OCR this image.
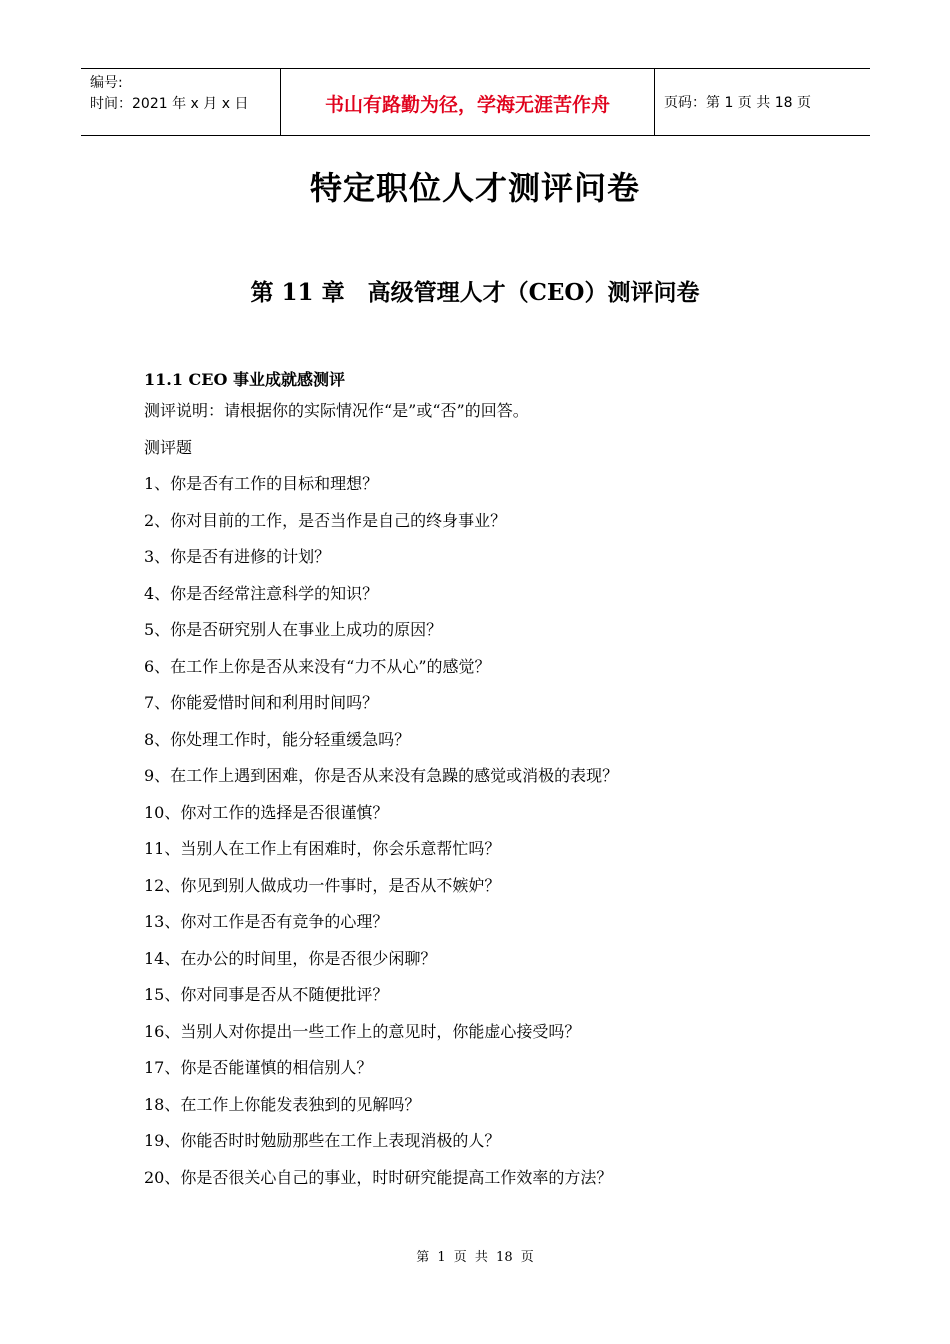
编号:
时间：2021 年 x 月 x 日	书山有路勤为径，学海无涯苦作舟	页码：第 1 页 共 18 页
特定职位人才测评问卷
第 11 章　高级管理人才（CEO）测评问卷

11.1 CEO 事业成就感测评

测评说明：请根据你的实际情况作“是”或“否”的回答。

测评题

1、你是否有工作的目标和理想？

2、你对目前的工作，是否当作是自己的终身事业？

3、你是否有进修的计划？

4、你是否经常注意科学的知识？

5、你是否研究别人在事业上成功的原因？

6、在工作上你是否从来没有“力不从心”的感觉？

7、你能爱惜时间和利用时间吗？

8、你处理工作时，能分轻重缓急吗？

9、在工作上遇到困难，你是否从来没有急躁的感觉或消极的表现？

10、你对工作的选择是否很谨慎？

11、当别人在工作上有困难时，你会乐意帮忙吗？

12、你见到别人做成功一件事时，是否从不嫉妒？

13、你对工作是否有竞争的心理？

14、在办公的时间里，你是否很少闲聊？

15、你对同事是否从不随便批评？

16、当别人对你提出一些工作上的意见时，你能虚心接受吗？

17、你是否能谨慎的相信别人？

18、在工作上你能发表独到的见解吗？

19、你能否时时勉励那些在工作上表现消极的人？

20、你是否很关心自己的事业，时时研究能提高工作效率的方法？

第 1 页 共 18 页
